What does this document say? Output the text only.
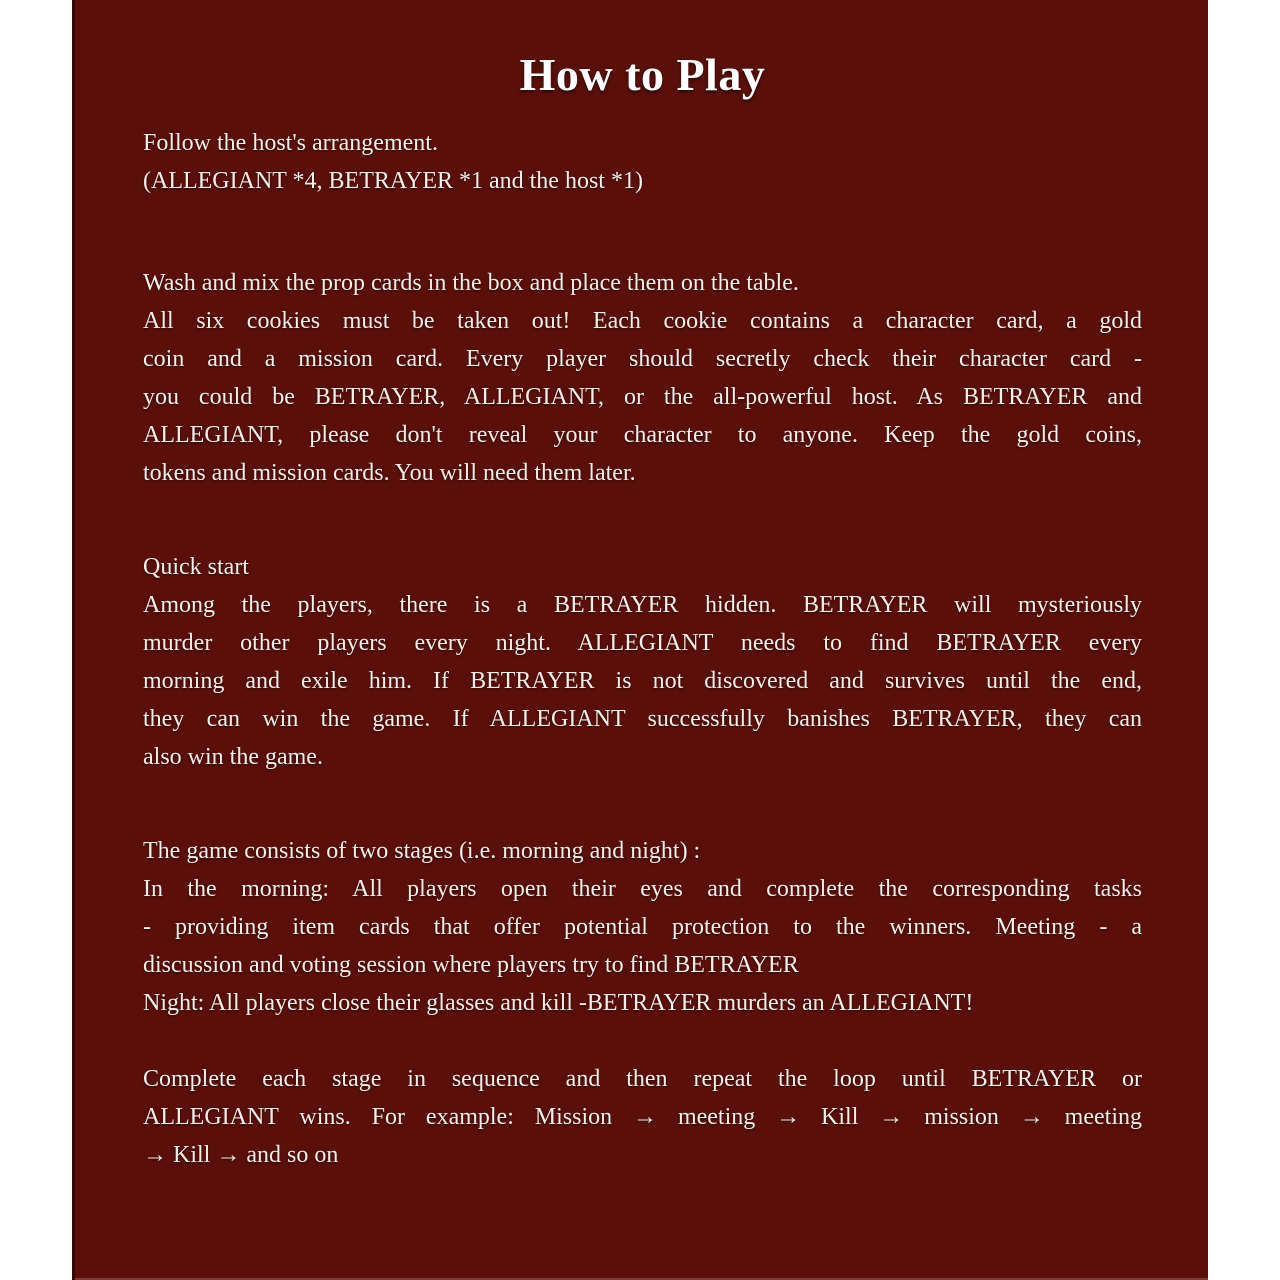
How to Play
Follow the host's arrangement.
(ALLEGIANT *4, BETRAYER *1 and the host *1)
Wash and mix the prop cards in the box and place them on the table.
All six cookies must be taken out! Each cookie contains a character card, a gold
coin and a mission card. Every player should secretly check their character card -
you could be BETRAYER, ALLEGIANT, or the all-powerful host. As BETRAYER and
ALLEGIANT, please don't reveal your character to anyone. Keep the gold coins,
tokens and mission cards. You will need them later.
Quick start
Among the players, there is a BETRAYER hidden. BETRAYER will mysteriously
murder other players every night. ALLEGIANT needs to find BETRAYER every
morning and exile him. If BETRAYER is not discovered and survives until the end,
they can win the game. If ALLEGIANT successfully banishes BETRAYER, they can
also win the game.
The game consists of two stages (i.e. morning and night) :
In the morning: All players open their eyes and complete the corresponding tasks
- providing item cards that offer potential protection to the winners. Meeting - a
discussion and voting session where players try to find BETRAYER
Night: All players close their glasses and kill -BETRAYER murders an ALLEGIANT!
Complete each stage in sequence and then repeat the loop until BETRAYER or
ALLEGIANT wins. For example: Mission → meeting → Kill → mission → meeting
→ Kill → and so on
